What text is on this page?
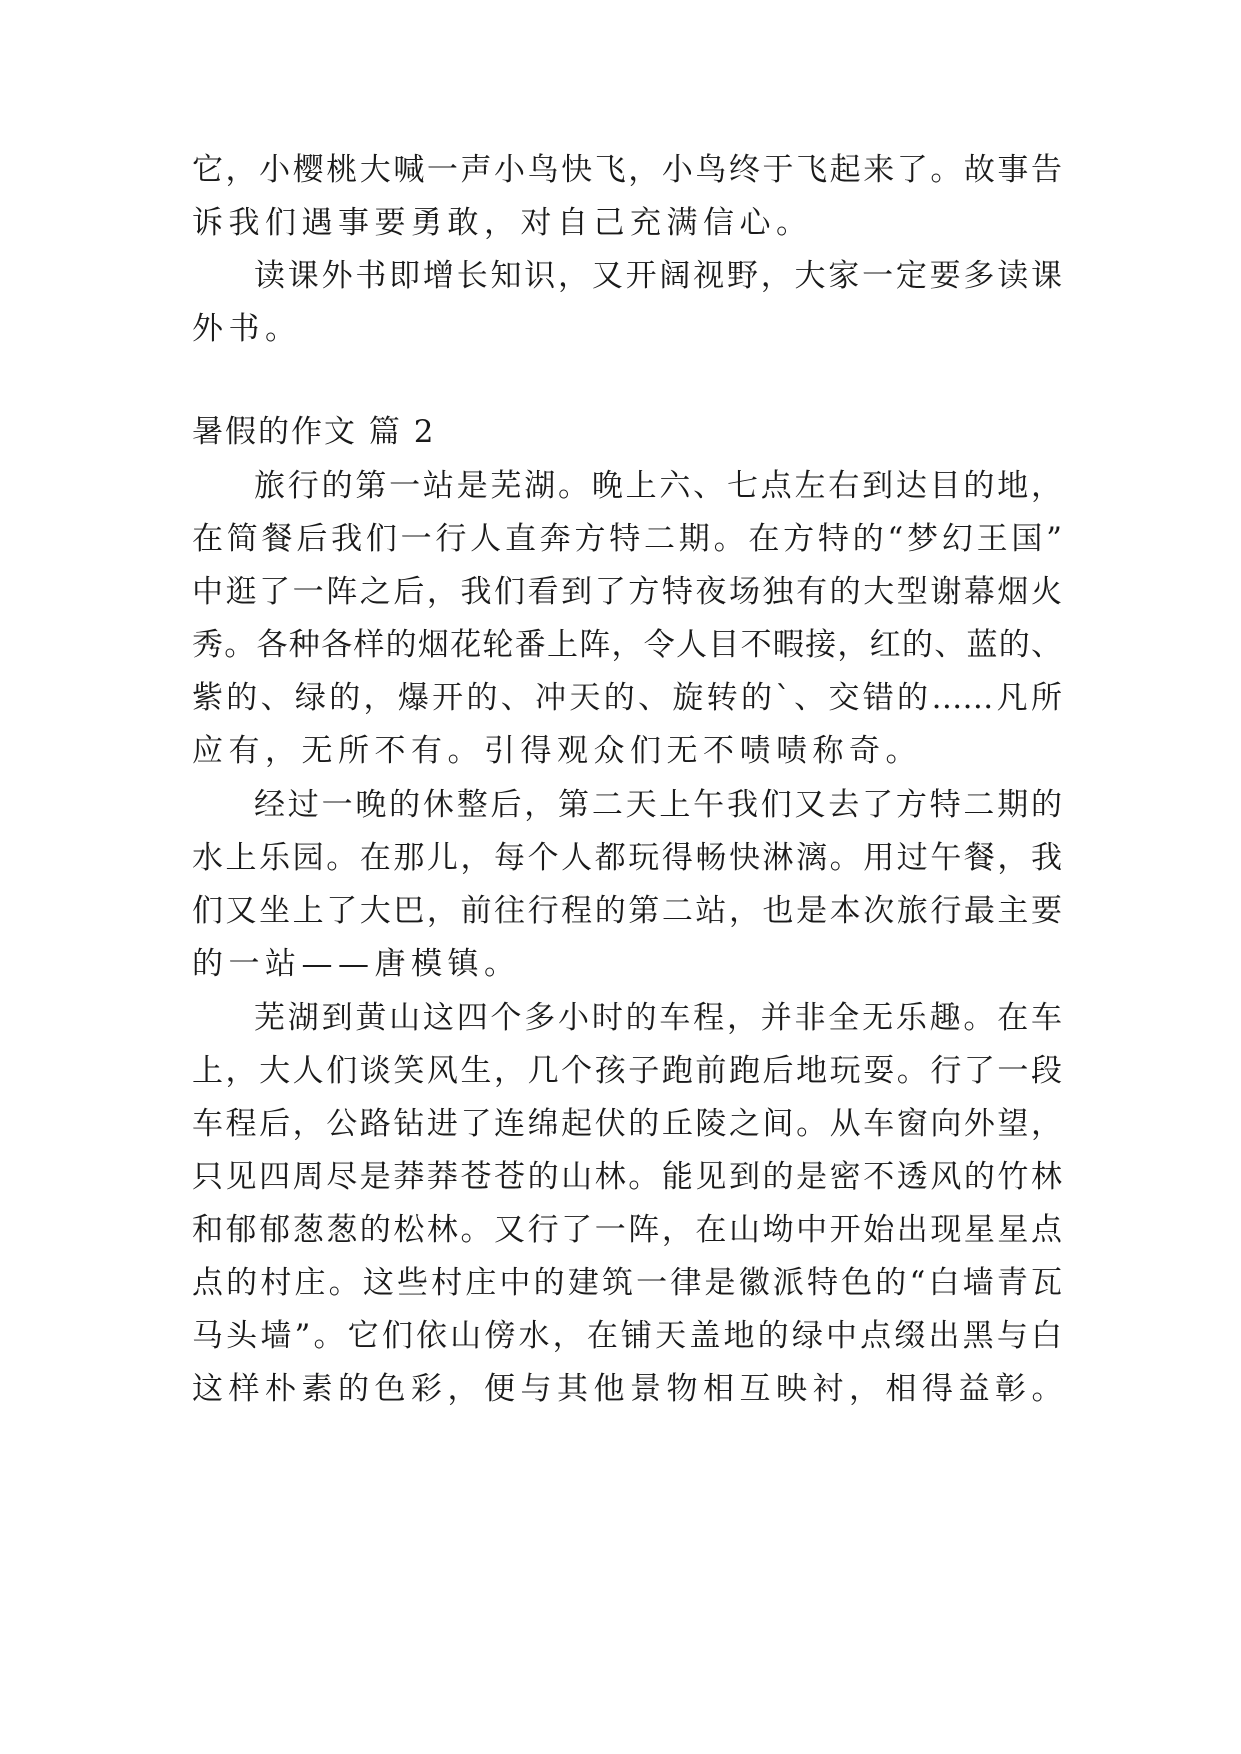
它，小樱桃大喊一声小鸟快飞，小鸟终于飞起来了。故事告
诉我们遇事要勇敢，对自己充满信心。
读课外书即增长知识，又开阔视野，大家一定要多读课
外书。
暑假的作文 篇 2
旅行的第一站是芜湖。晚上六、七点左右到达目的地，
在简餐后我们一行人直奔方特二期。在方特的“梦幻王国”
中逛了一阵之后，我们看到了方特夜场独有的大型谢幕烟火
秀。各种各样的烟花轮番上阵，令人目不暇接，红的、蓝的、
紫的、绿的，爆开的、冲天的、旋转的`、交错的……凡所
应有，无所不有。引得观众们无不啧啧称奇。
经过一晚的休整后，第二天上午我们又去了方特二期的
水上乐园。在那儿，每个人都玩得畅快淋漓。用过午餐，我
们又坐上了大巴，前往行程的第二站，也是本次旅行最主要
的一站——唐模镇。
芜湖到黄山这四个多小时的车程，并非全无乐趣。在车
上，大人们谈笑风生，几个孩子跑前跑后地玩耍。行了一段
车程后，公路钻进了连绵起伏的丘陵之间。从车窗向外望，
只见四周尽是莽莽苍苍的山林。能见到的是密不透风的竹林
和郁郁葱葱的松林。又行了一阵，在山坳中开始出现星星点
点的村庄。这些村庄中的建筑一律是徽派特色的“白墙青瓦
马头墙”。它们依山傍水，在铺天盖地的绿中点缀出黑与白
这样朴素的色彩，便与其他景物相互映衬，相得益彰。
